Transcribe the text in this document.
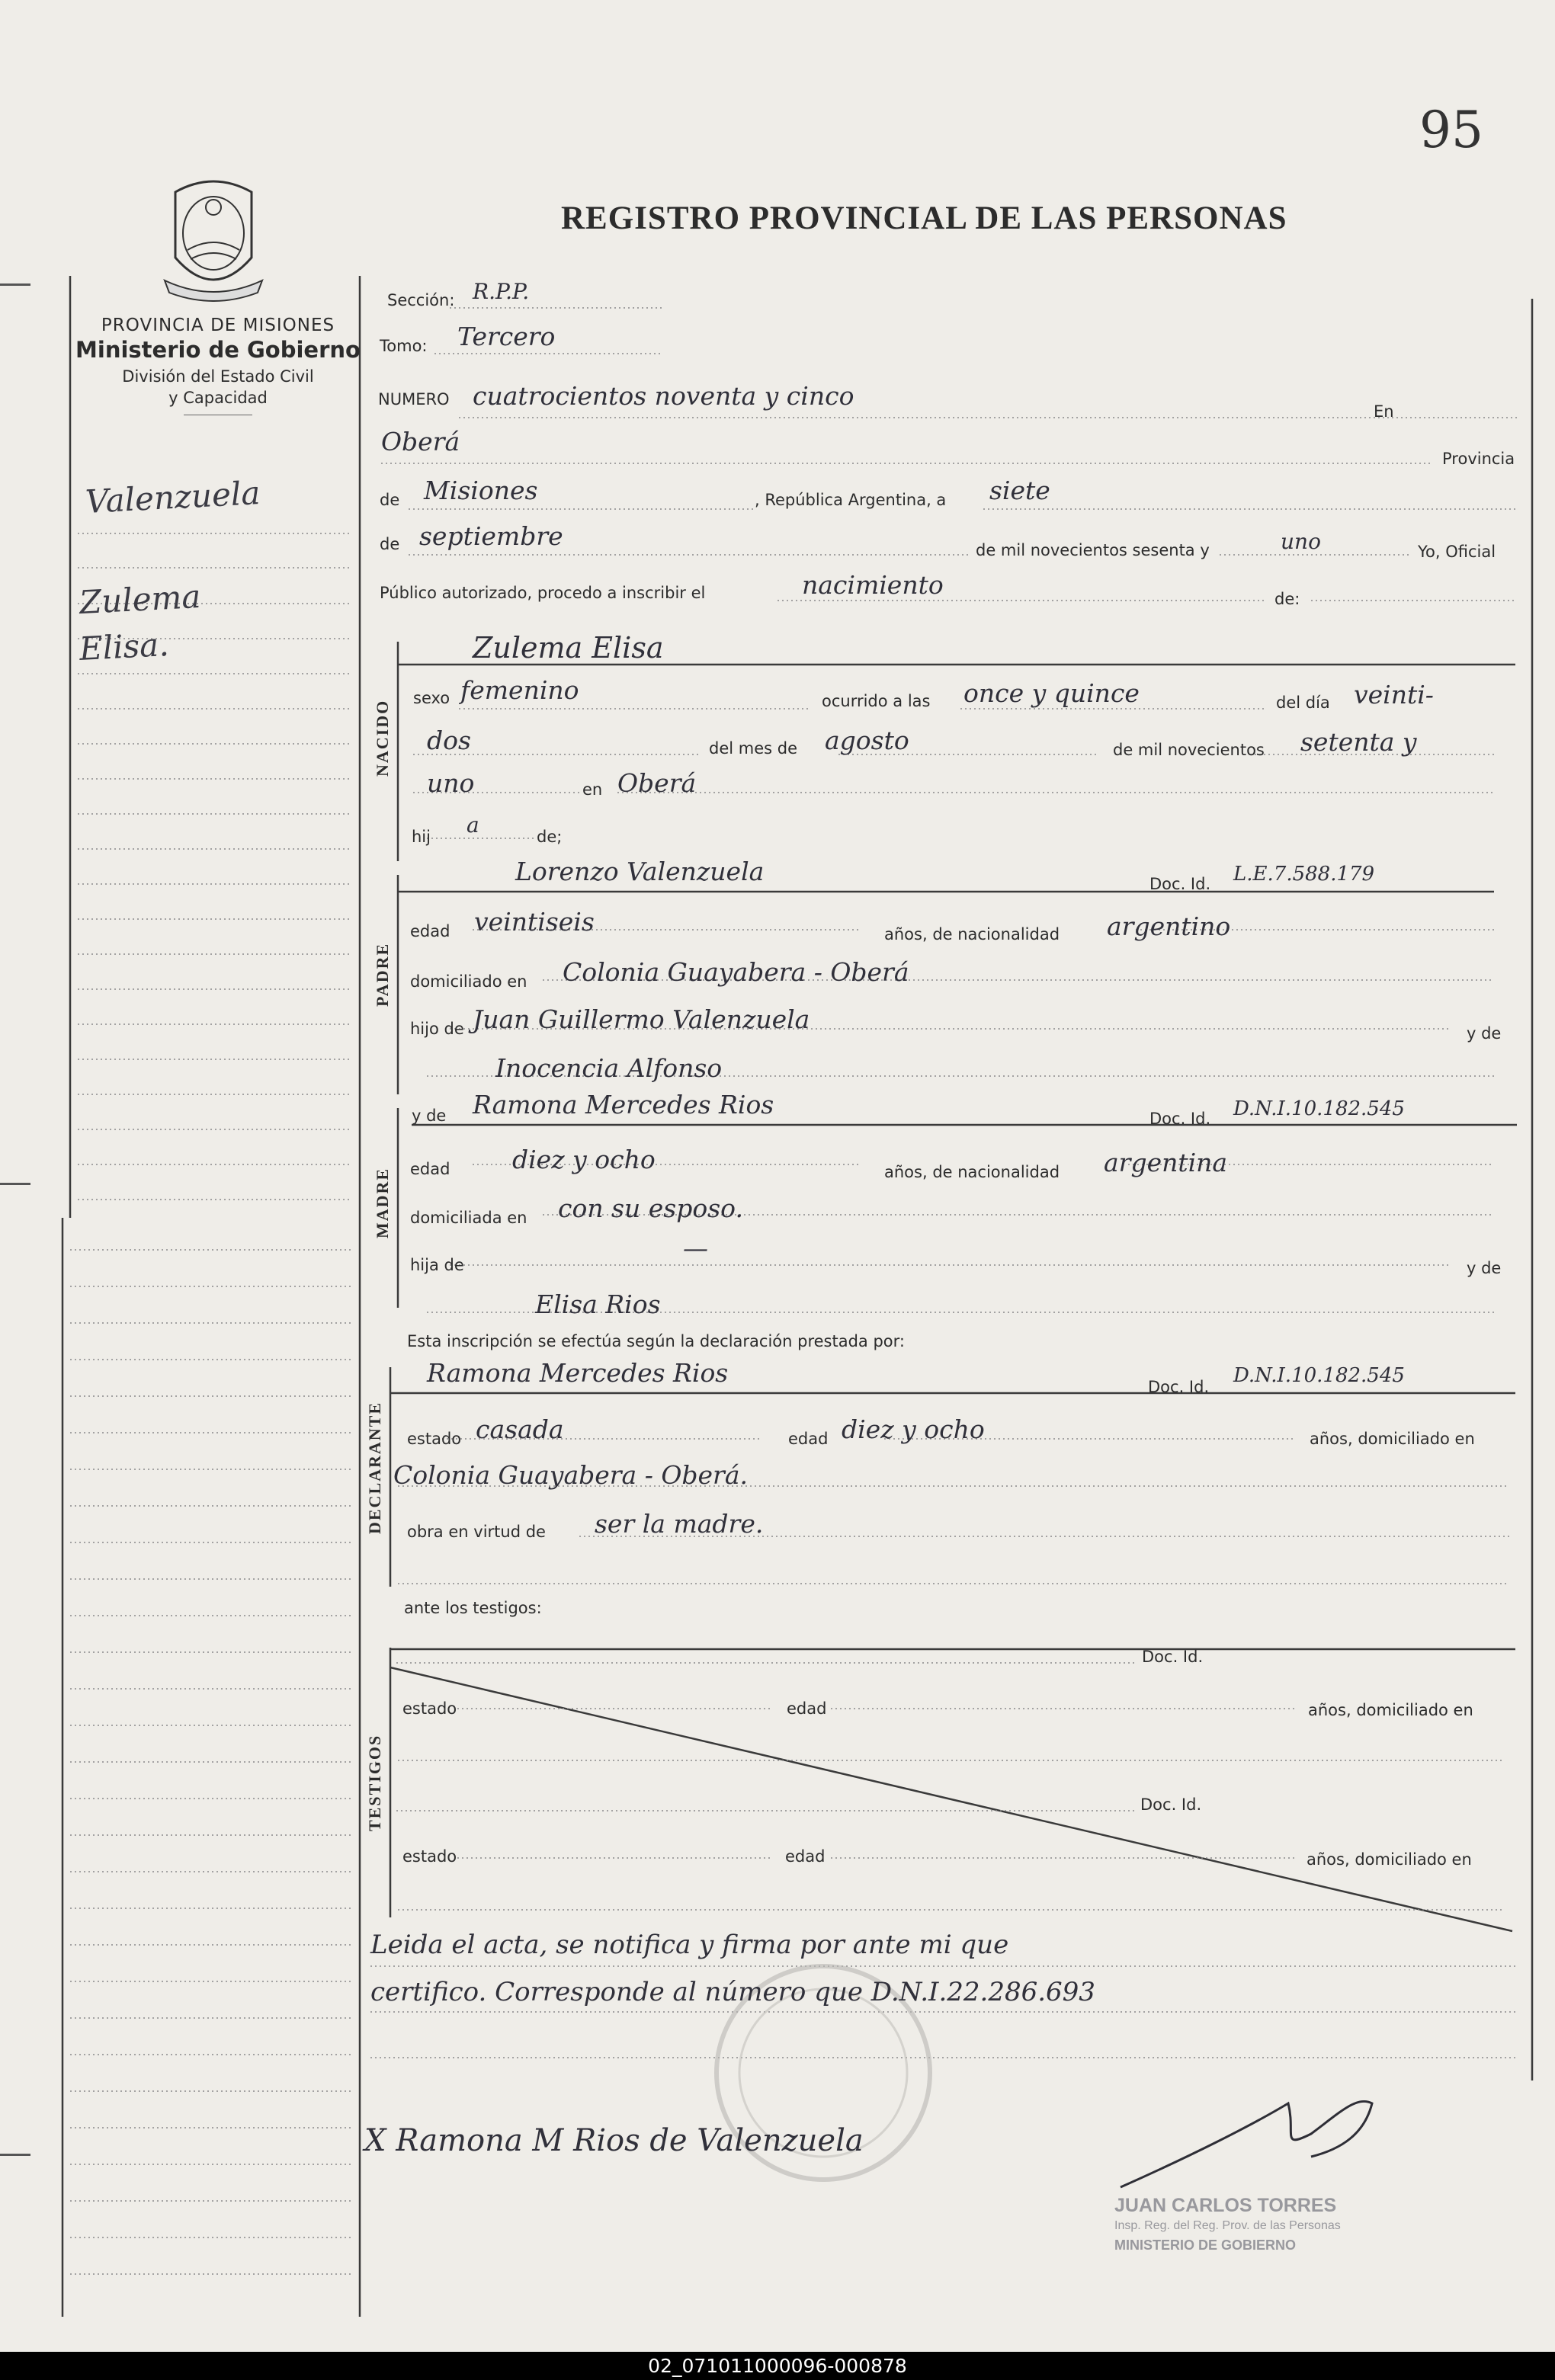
95
REGISTRO PROVINCIAL DE LAS PERSONAS
PROVINCIA DE MISIONES
Ministerio de Gobierno
División del Estado Civil
y Capacidad
Valenzuela
Zulema
Elisa.
Sección: R.P.P.
Tomo: Tercero
NUMERO cuatrocientos noventa y cinco
En
Oberá
Provincia
de Misiones	, República Argentina, a siete
de septiembre	de mil novecientos sesenta y	uno	Yo, Oficial
Público autorizado, procedo a inscribir el	nacimiento	de:
NACIDO
Zulema Elisa
sexo femenino	ocurrido a las once y quince	del día veinti-
dos	del mes de agosto	de mil novecientos setenta y
uno	en Oberá
hij a	de;
PADRE
Lorenzo Valenzuela	Doc. Id. L.E.7.588.179
edad veintiseis	años, de nacionalidad argentino
domiciliado en Colonia Guayabera - Oberá
hijo de Juan Guillermo Valenzuela	y de
Inocencia Alfonso
MADRE
y de Ramona Mercedes Rios	Doc. Id. D.N.I.10.182.545
edad diez y ocho	años, de nacionalidad argentina
domiciliada en con su esposo.
hija de
—
y de
Elisa Rios
Esta inscripción se efectúa según la declaración prestada por:
DECLARANTE
Ramona Mercedes Rios	Doc. Id. D.N.I.10.182.545
estado casada	edad diez y ocho	años, domiciliado en
Colonia Guayabera - Oberá.
obra en virtud de ser la madre.
ante los testigos:
TESTIGOS
Doc. Id.
estado	edad	años, domiciliado en
Doc. Id.
estado	edad	años, domiciliado en
Leida el acta, se notifica y firma por ante mi que
certifico. Corresponde al número que D.N.I.22.286.693
X Ramona M Rios de Valenzuela
JUAN CARLOS TORRES
Insp. Reg. del Reg. Prov. de las Personas
MINISTERIO DE GOBIERNO
02_071011000096-000878
